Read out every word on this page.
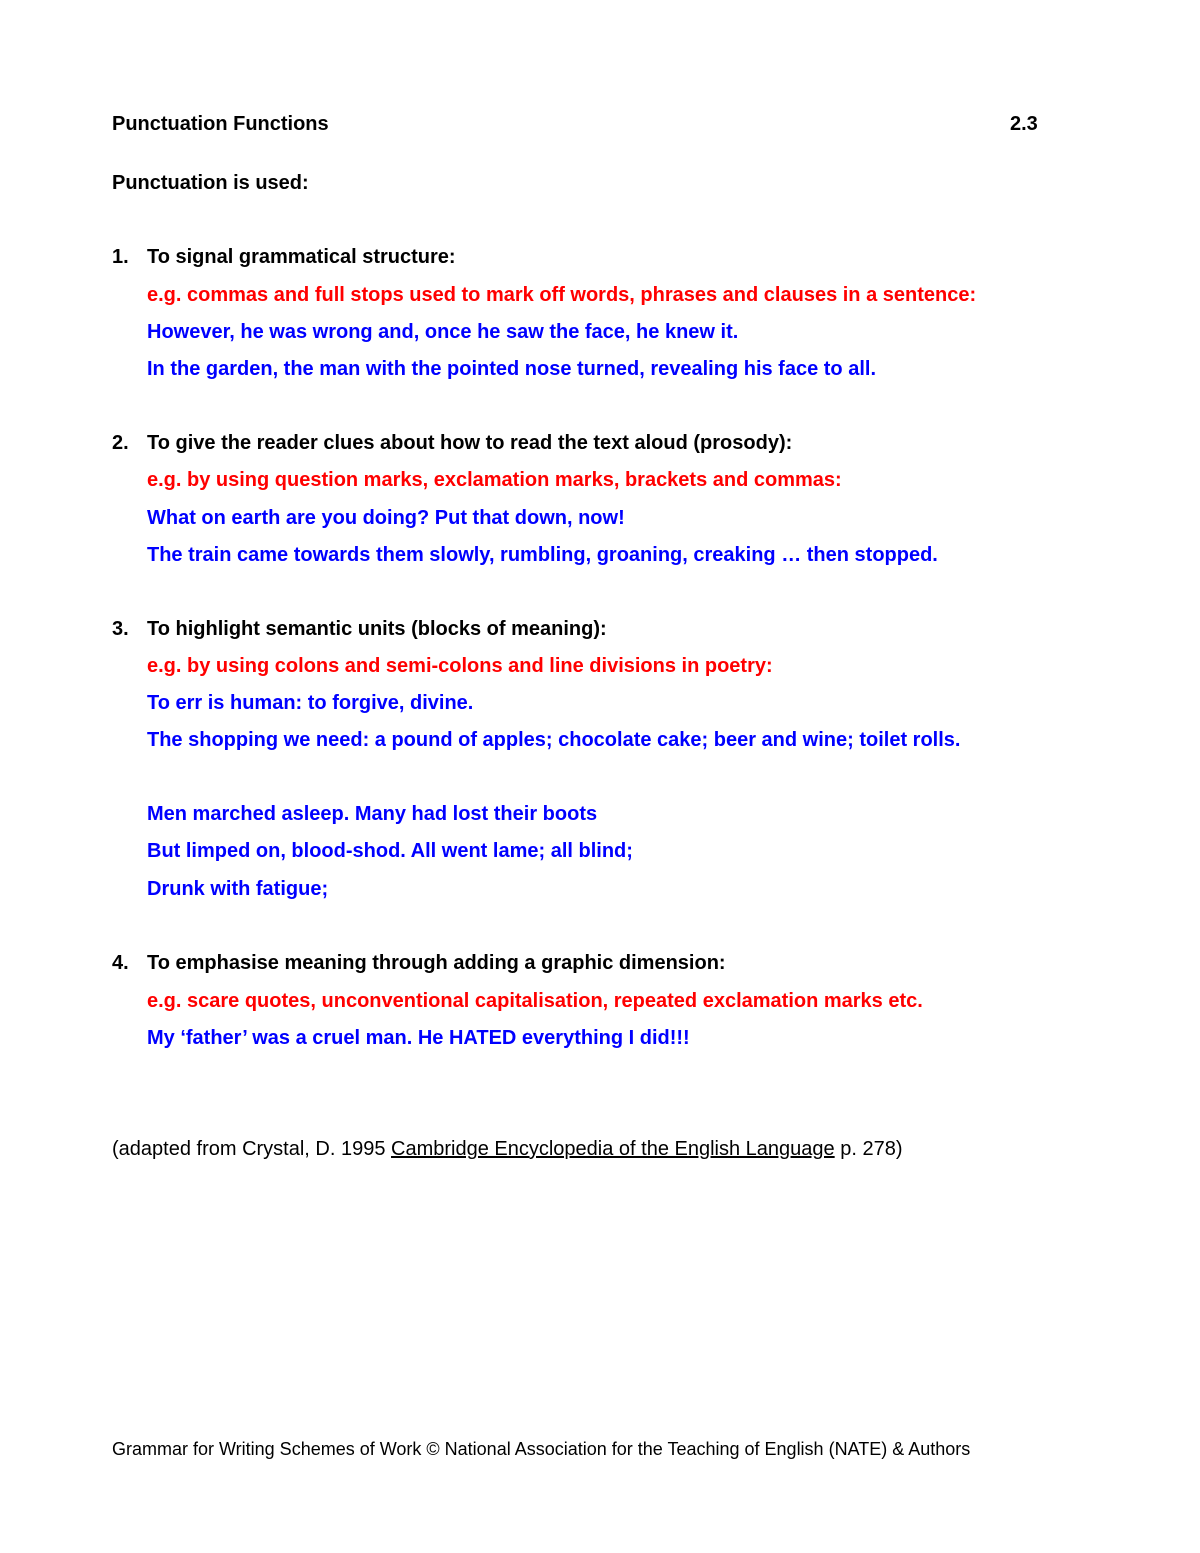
Punctuation Functions	2.3
Punctuation is used:
1. To signal grammatical structure:
e.g. commas and full stops used to mark off words, phrases and clauses in a sentence:
However, he was wrong and, once he saw the face, he knew it.
In the garden, the man with the pointed nose turned, revealing his face to all.
2. To give the reader clues about how to read the text aloud (prosody):
e.g. by using question marks, exclamation marks, brackets and commas:
What on earth are you doing? Put that down, now!
The train came towards them slowly, rumbling, groaning, creaking … then stopped.
3. To highlight semantic units (blocks of meaning):
e.g. by using colons and semi-colons and line divisions in poetry:
To err is human: to forgive, divine.
The shopping we need: a pound of apples; chocolate cake; beer and wine; toilet rolls.
Men marched asleep. Many had lost their boots
But limped on, blood-shod. All went lame; all blind;
Drunk with fatigue;
4. To emphasise meaning through adding a graphic dimension:
e.g. scare quotes, unconventional capitalisation, repeated exclamation marks etc.
My ‘father’ was a cruel man. He HATED everything I did!!!
(adapted from Crystal, D. 1995 Cambridge Encyclopedia of the English Language p. 278)
Grammar for Writing Schemes of Work © National Association for the Teaching of English (NATE) & Authors
